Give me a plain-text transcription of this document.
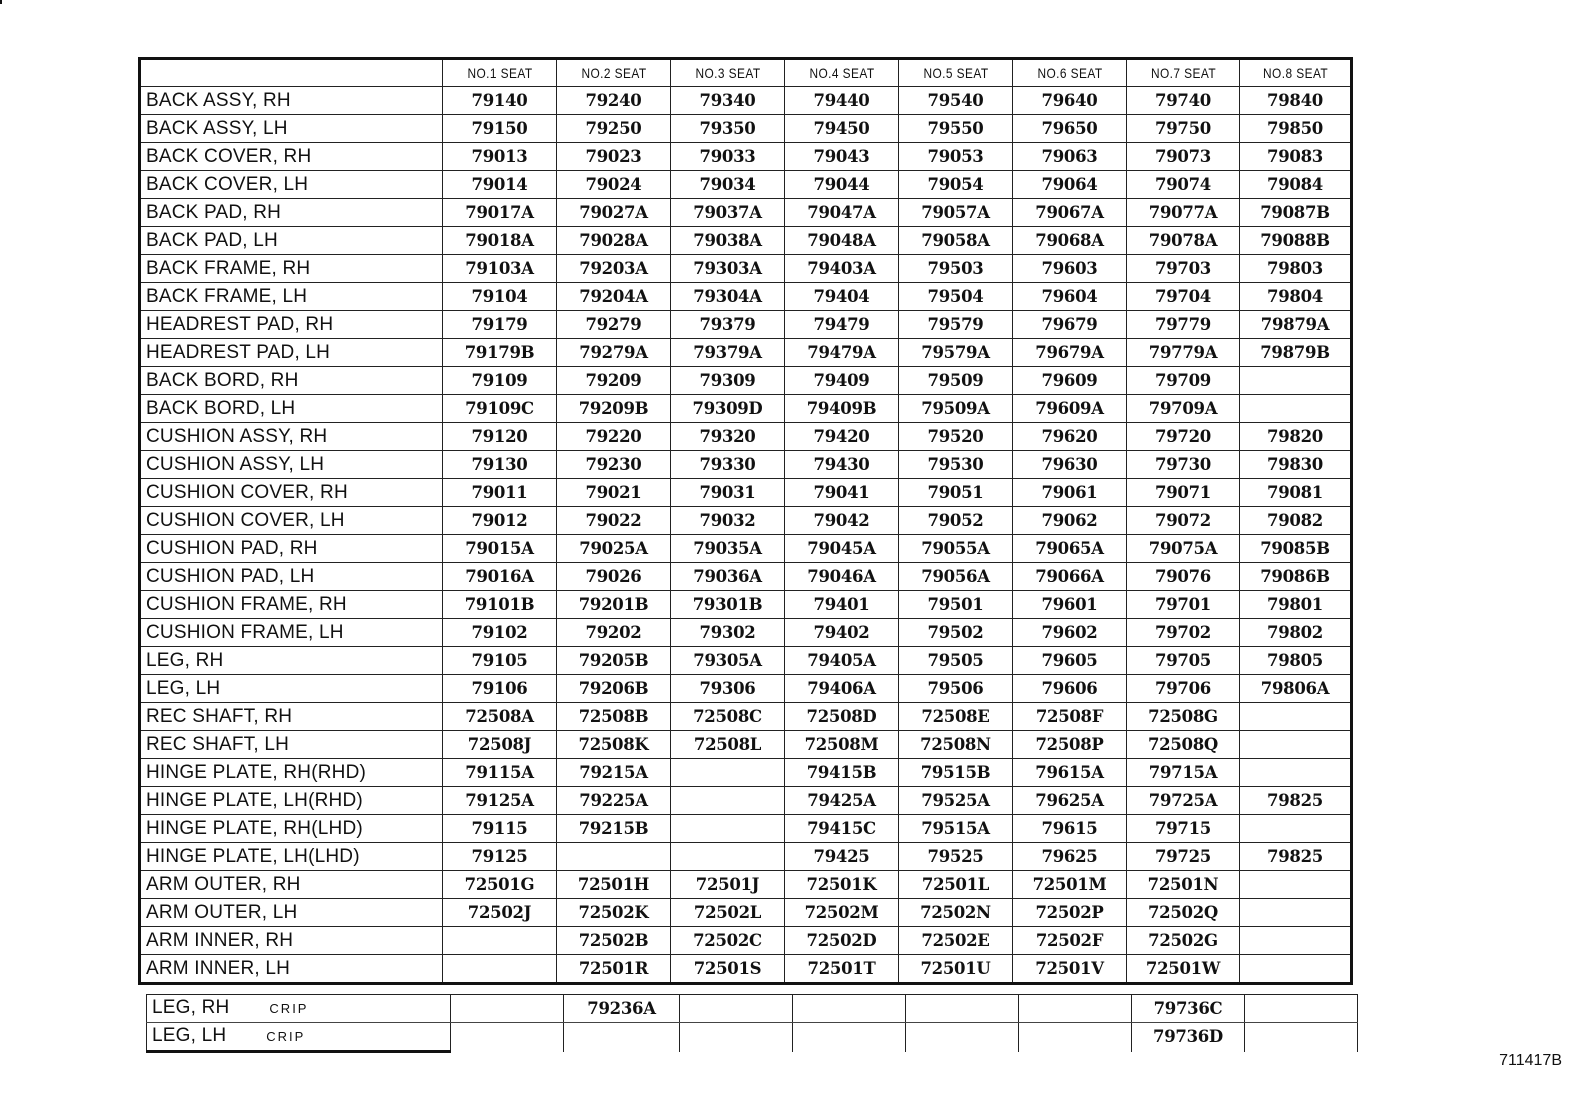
	NO.1 SEAT	NO.2 SEAT	NO.3 SEAT	NO.4 SEAT	NO.5 SEAT	NO.6 SEAT	NO.7 SEAT	NO.8 SEAT
BACK ASSY, RH	79140	79240	79340	79440	79540	79640	79740	79840
BACK ASSY, LH	79150	79250	79350	79450	79550	79650	79750	79850
BACK COVER, RH	79013	79023	79033	79043	79053	79063	79073	79083
BACK COVER, LH	79014	79024	79034	79044	79054	79064	79074	79084
BACK PAD, RH	79017A	79027A	79037A	79047A	79057A	79067A	79077A	79087B
BACK PAD, LH	79018A	79028A	79038A	79048A	79058A	79068A	79078A	79088B
BACK FRAME, RH	79103A	79203A	79303A	79403A	79503	79603	79703	79803
BACK FRAME, LH	79104	79204A	79304A	79404	79504	79604	79704	79804
HEADREST PAD, RH	79179	79279	79379	79479	79579	79679	79779	79879A
HEADREST PAD, LH	79179B	79279A	79379A	79479A	79579A	79679A	79779A	79879B
BACK BORD, RH	79109	79209	79309	79409	79509	79609	79709	
BACK BORD, LH	79109C	79209B	79309D	79409B	79509A	79609A	79709A	
CUSHION ASSY, RH	79120	79220	79320	79420	79520	79620	79720	79820
CUSHION ASSY, LH	79130	79230	79330	79430	79530	79630	79730	79830
CUSHION COVER, RH	79011	79021	79031	79041	79051	79061	79071	79081
CUSHION COVER, LH	79012	79022	79032	79042	79052	79062	79072	79082
CUSHION PAD, RH	79015A	79025A	79035A	79045A	79055A	79065A	79075A	79085B
CUSHION PAD, LH	79016A	79026	79036A	79046A	79056A	79066A	79076	79086B
CUSHION FRAME, RH	79101B	79201B	79301B	79401	79501	79601	79701	79801
CUSHION FRAME, LH	79102	79202	79302	79402	79502	79602	79702	79802
LEG, RH	79105	79205B	79305A	79405A	79505	79605	79705	79805
LEG, LH	79106	79206B	79306	79406A	79506	79606	79706	79806A
REC SHAFT, RH	72508A	72508B	72508C	72508D	72508E	72508F	72508G	
REC SHAFT, LH	72508J	72508K	72508L	72508M	72508N	72508P	72508Q	
HINGE PLATE, RH(RHD)	79115A	79215A		79415B	79515B	79615A	79715A	
HINGE PLATE, LH(RHD)	79125A	79225A		79425A	79525A	79625A	79725A	79825
HINGE PLATE, RH(LHD)	79115	79215B		79415C	79515A	79615	79715	
HINGE PLATE, LH(LHD)	79125			79425	79525	79625	79725	79825
ARM OUTER, RH	72501G	72501H	72501J	72501K	72501L	72501M	72501N	
ARM OUTER, LH	72502J	72502K	72502L	72502M	72502N	72502P	72502Q	
ARM INNER, RH		72502B	72502C	72502D	72502E	72502F	72502G	
ARM INNER, LH		72501R	72501S	72501T	72501U	72501V	72501W	
LEG, RH CRIP		79236A					79736C	
LEG, LH CRIP							79736D	
711417B
